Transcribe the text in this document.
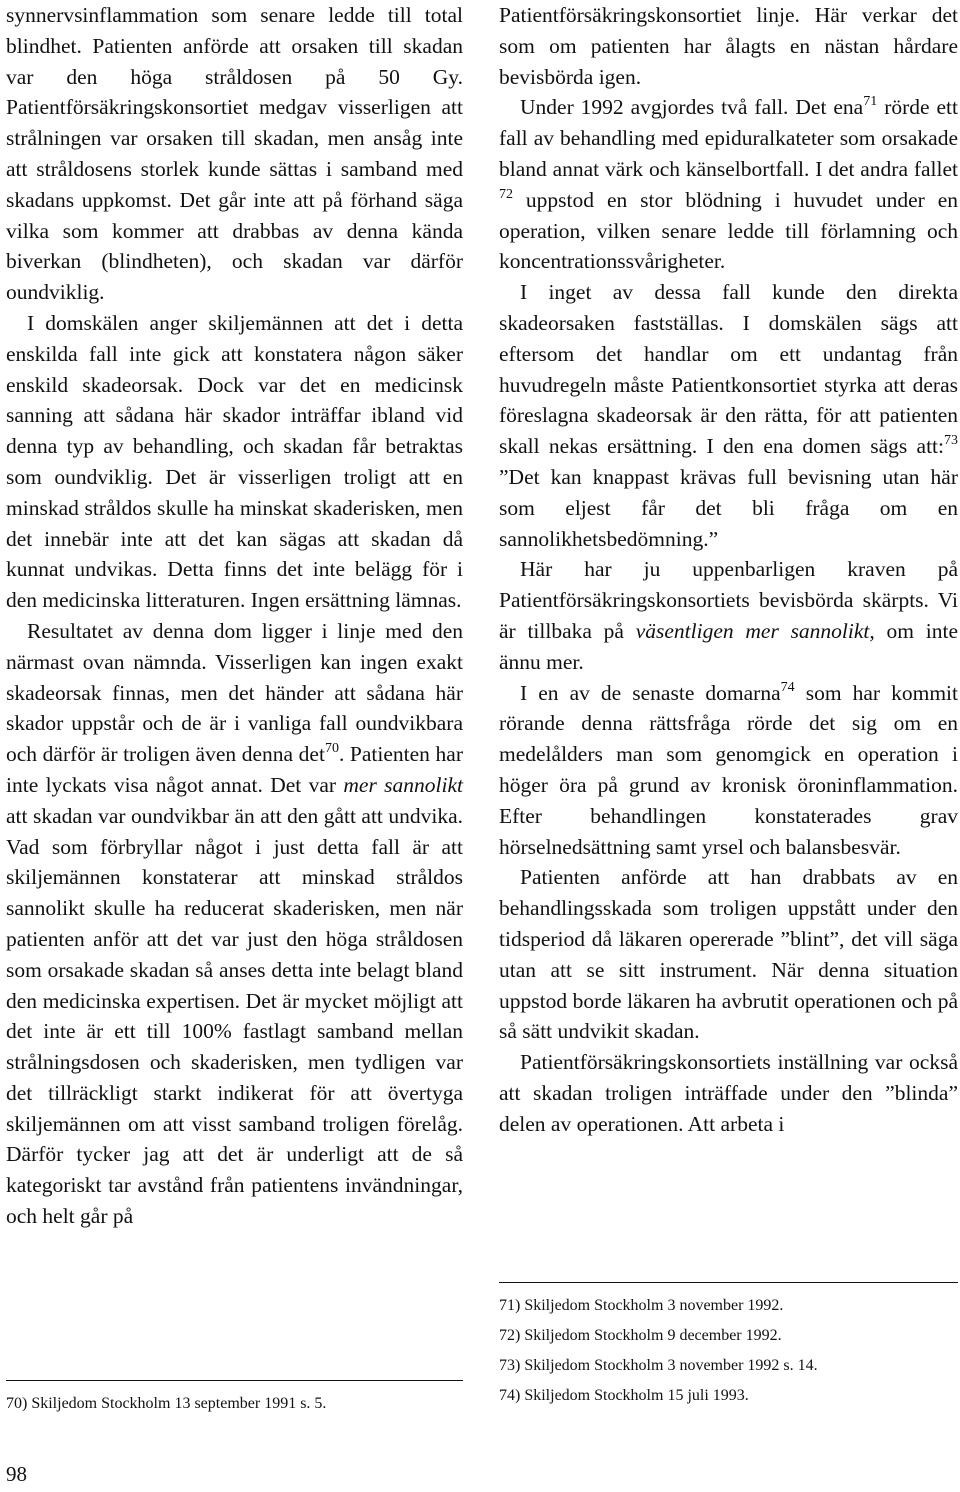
synnervsinflammation som senare ledde till total blindhet. Patienten anförde att orsaken till skadan var den höga stråldosen på 50 Gy. Patientförsäkringskonsortiet medgav visserligen att strålningen var orsaken till skadan, men ansåg inte att stråldosens storlek kunde sättas i samband med skadans uppkomst. Det går inte att på förhand säga vilka som kommer att drabbas av denna kända biverkan (blindheten), och skadan var därför oundviklig.

I domskälen anger skiljemännen att det i detta enskilda fall inte gick att konstatera någon säker enskild skadeorsak. Dock var det en medicinsk sanning att sådana här skador inträffar ibland vid denna typ av behandling, och skadan får betraktas som oundviklig. Det är visserligen troligt att en minskad stråldos skulle ha minskat skaderisken, men det innebär inte att det kan sägas att skadan då kunnat undvikas. Detta finns det inte belägg för i den medicinska litteraturen. Ingen ersättning lämnas.

Resultatet av denna dom ligger i linje med den närmast ovan nämnda. Visserligen kan ingen exakt skadeorsak finnas, men det händer att sådana här skador uppstår och de är i vanliga fall oundvikbara och därför är troligen även denna $\det^{70}$. Patienten har inte lyckats visa något annat. Det var mer sannolikt att skadan var oundvikbar än att den gått att undvika. Vad som förbryllar något i just detta fall är att skiljemännen konstaterar att minskad stråldos sannolikt skulle ha reducerat skaderisken, men när patienten anför att det var just den höga stråldosen som orsakade skadan så anses detta inte belagt bland den medicinska expertisen. Det är mycket möjligt att det inte är ett till 100% fastlagt samband mellan strålningsdosen och skaderisken, men tydligen var det tillräckligt starkt indikerat för att övertyga skiljemännen om att visst samband troligen förelåg. Därför tycker jag att det är underligt att de så kategoriskt tar avstånd från patientens invändningar, och helt går på

Patientförsäkringskonsortiet linje. Här verkar det som om patienten har ålagts en nästan hårdare bevisbörda igen.

Under 1992 avgjordes två fall. Det ena$^{71}$ rörde ett fall av behandling med epiduralkateter som orsakade bland annat värk och känselbortfall. I det andra fallet $^{72}$ uppstod en stor blödning i huvudet under en operation, vilken senare ledde till förlamning och koncentrationssvårigheter.

I inget av dessa fall kunde den direkta skadeorsaken fastställas. I domskälen sägs att eftersom det handlar om ett undantag från huvudregeln måste Patientkonsortiet styrka att deras föreslagna skadeorsak är den rätta, för att patienten skall nekas ersättning. I den ena domen sägs att:$^{73}$ ”Det kan knappast krävas full bevisning utan här som eljest får det bli fråga om en sannolikhetsbedömning.”

Här har ju uppenbarligen kraven på Patientförsäkringskonsortiets bevisbörda skärpts. Vi är tillbaka på väsentligen mer sannolikt, om inte ännu mer.

I en av de senaste domarna$^{74}$ som har kommit rörande denna rättsfråga rörde det sig om en medelålders man som genomgick en operation i höger öra på grund av kronisk öroninflammation. Efter behandlingen konstaterades grav hörselnedsättning samt yrsel och balansbesvär.

Patienten anförde att han drabbats av en behandlingsskada som troligen uppstått under den tidsperiod då läkaren opererade ”blint”, det vill säga utan att se sitt instrument. När denna situation uppstod borde läkaren ha avbrutit operationen och på så sätt undvikit skadan.

Patientförsäkringskonsortiets inställning var också att skadan troligen inträffade under den ”blinda” delen av operationen. Att arbeta i

70) Skiljedom Stockholm 13 september 1991 s. 5.

71) Skiljedom Stockholm 3 november 1992.

72) Skiljedom Stockholm 9 december 1992.

73) Skiljedom Stockholm 3 november 1992 s. 14.

74) Skiljedom Stockholm 15 juli 1993.

98
